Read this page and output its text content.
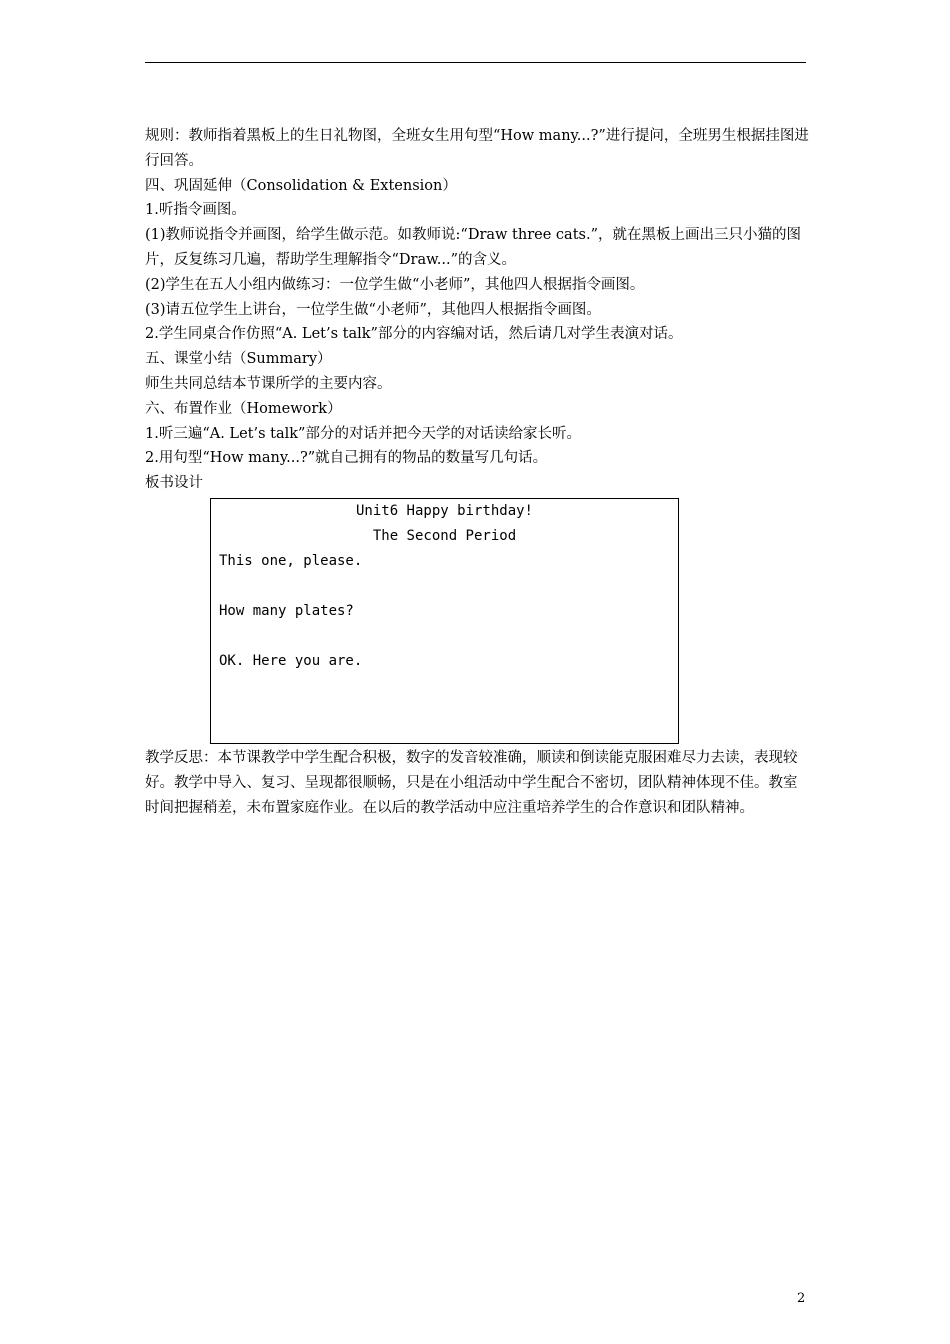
规则：教师指着黑板上的生日礼物图，全班女生用句型“How many...?”进行提问，全班男生根据挂图进行回答。

四、巩固延伸（Consolidation & Extension）

1.听指令画图。

(1)教师说指令并画图，给学生做示范。如教师说:“Draw three cats.”，就在黑板上画出三只小猫的图片，反复练习几遍，帮助学生理解指令“Draw...”的含义。

(2)学生在五人小组内做练习：一位学生做“小老师”，其他四人根据指令画图。

(3)请五位学生上讲台，一位学生做“小老师”，其他四人根据指令画图。

2.学生同桌合作仿照“A. Let’s talk”部分的内容编对话，然后请几对学生表演对话。

五、课堂小结（Summary）

师生共同总结本节课所学的主要内容。

六、布置作业（Homework）

1.听三遍“A. Let’s talk”部分的对话并把今天学的对话读给家长听。

2.用句型“How many...?”就自己拥有的物品的数量写几句话。

板书设计

Unit6 Happy birthday!
The Second Period
This one, please.
How many plates?
OK. Here you are.

教学反思：本节课教学中学生配合积极，数字的发音较准确，顺读和倒读能克服困难尽力去读，表现较好。教学中导入、复习、呈现都很顺畅，只是在小组活动中学生配合不密切，团队精神体现不佳。教室时间把握稍差，未布置家庭作业。在以后的教学活动中应注重培养学生的合作意识和团队精神。

2
